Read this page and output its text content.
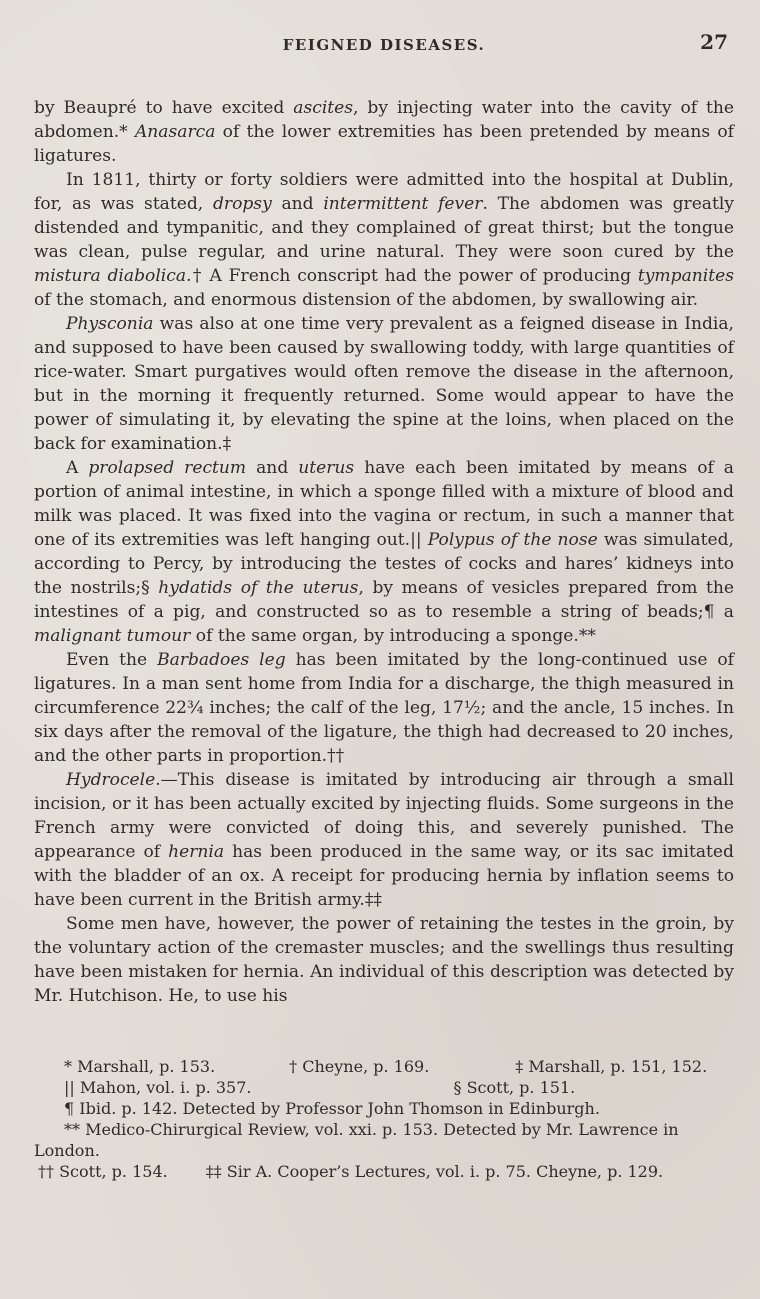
FEIGNED DISEASES.	27

by Beaupré to have excited ascites, by injecting water into the cavity of the abdomen.* Anasarca of the lower extremities has been pretended by means of ligatures.

In 1811, thirty or forty soldiers were admitted into the hospital at Dublin, for, as was stated, dropsy and intermittent fever. The abdomen was greatly distended and tympanitic, and they complained of great thirst; but the tongue was clean, pulse regular, and urine natural. They were soon cured by the mistura diabolica.† A French conscript had the power of producing tympanites of the stomach, and enormous distension of the abdomen, by swallowing air.

Physconia was also at one time very prevalent as a feigned disease in India, and supposed to have been caused by swallowing toddy, with large quantities of rice-water. Smart purgatives would often remove the disease in the afternoon, but in the morning it frequently returned. Some would appear to have the power of simulating it, by elevating the spine at the loins, when placed on the back for examination.‡

A prolapsed rectum and uterus have each been imitated by means of a portion of animal intestine, in which a sponge filled with a mixture of blood and milk was placed. It was fixed into the vagina or rectum, in such a manner that one of its extremities was left hanging out.|| Polypus of the nose was simulated, according to Percy, by introducing the testes of cocks and hares’ kidneys into the nostrils;§ hydatids of the uterus, by means of vesicles prepared from the intestines of a pig, and constructed so as to resemble a string of beads;¶ a malignant tumour of the same organ, by introducing a sponge.**

Even the Barbadoes leg has been imitated by the long-continued use of ligatures. In a man sent home from India for a discharge, the thigh measured in circumference 22¾ inches; the calf of the leg, 17½; and the ancle, 15 inches. In six days after the removal of the ligature, the thigh had decreased to 20 inches, and the other parts in proportion.††

Hydrocele.—This disease is imitated by introducing air through a small incision, or it has been actually excited by injecting fluids. Some surgeons in the French army were convicted of doing this, and severely punished. The appearance of hernia has been produced in the same way, or its sac imitated with the bladder of an ox. A receipt for producing hernia by inflation seems to have been current in the British army.‡‡

Some men have, however, the power of retaining the testes in the groin, by the voluntary action of the cremaster muscles; and the swellings thus resulting have been mistaken for hernia. An individual of this description was detected by Mr. Hutchison. He, to use his

* Marshall, p. 153.	† Cheyne, p. 169.	‡ Marshall, p. 151, 152.
|| Mahon, vol. i. p. 357.	§ Scott, p. 151.
¶ Ibid. p. 142. Detected by Professor John Thomson in Edinburgh.
** Medico-Chirurgical Review, vol. xxi. p. 153. Detected by Mr. Lawrence in London.
†† Scott, p. 154. ‡‡ Sir A. Cooper’s Lectures, vol. i. p. 75. Cheyne, p. 129.
